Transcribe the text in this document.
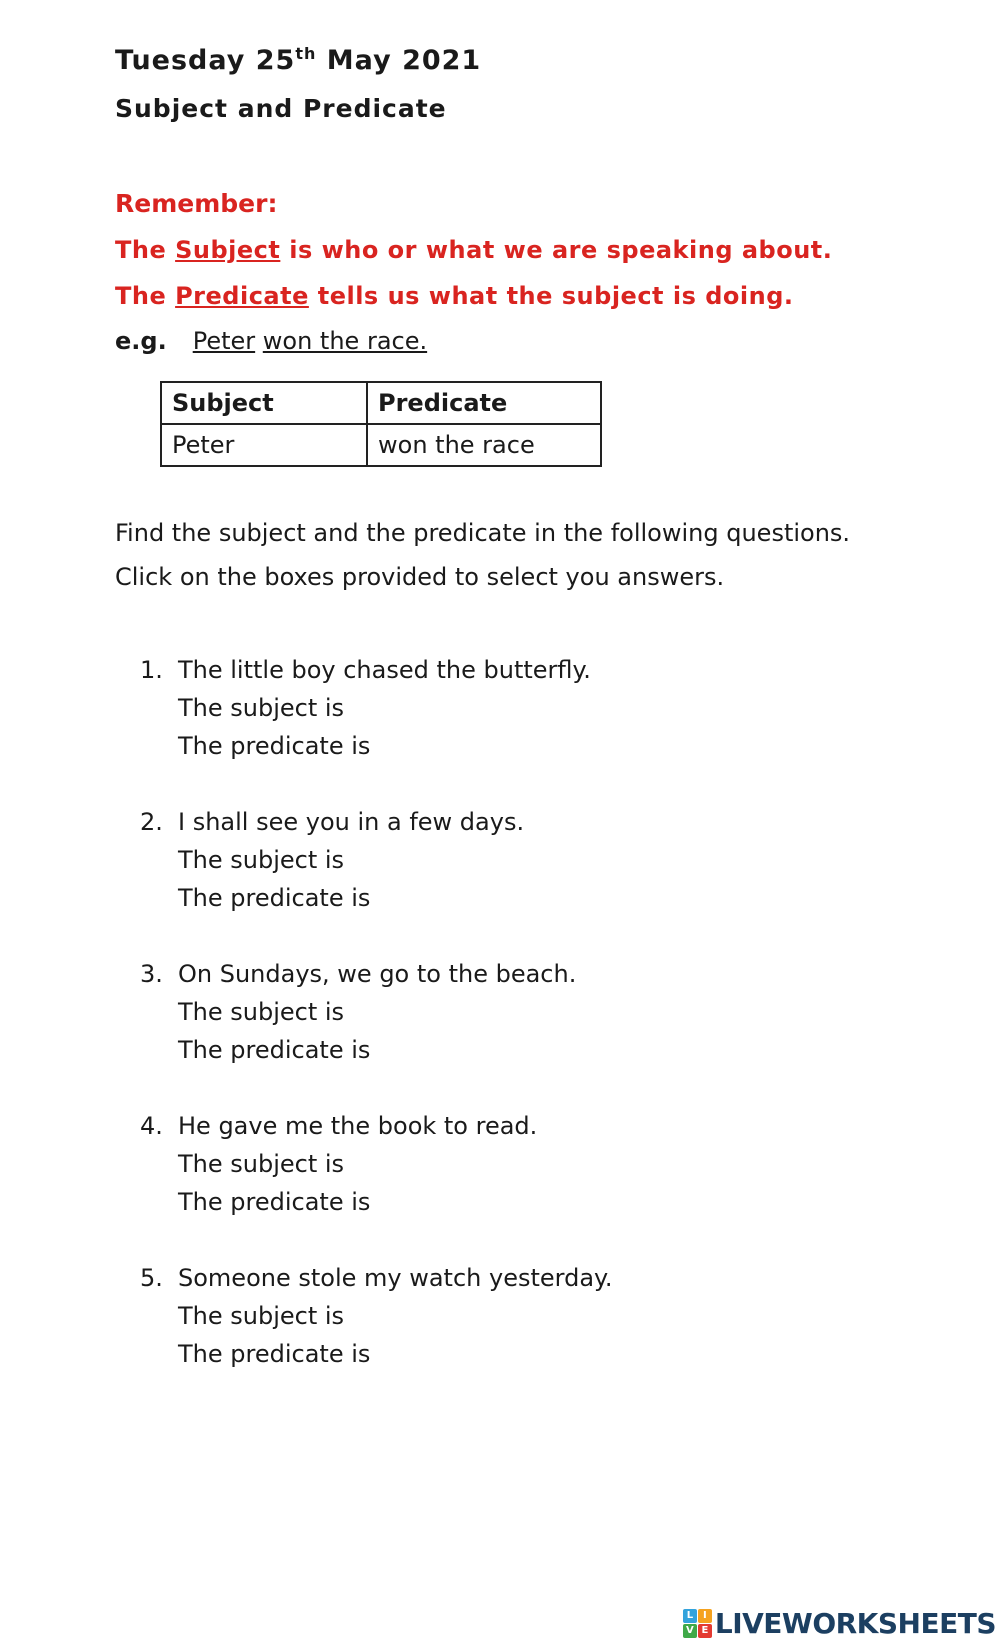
Tuesday 25th May 2021
Subject and Predicate

Remember:

The Subject is who or what we are speaking about.

The Predicate tells us what the subject is doing.

e.g. Peter won the race.

Subject	Predicate
Peter	won the race

Find the subject and the predicate in the following questions.

Click on the boxes provided to select you answers.

1. The little boy chased the butterfly.
The subject is
The predicate is
2. I shall see you in a few days.
The subject is
The predicate is
3. On Sundays, we go to the beach.
The subject is
The predicate is
4. He gave me the book to read.
The subject is
The predicate is
5. Someone stole my watch yesterday.
The subject is
The predicate is
L I
V E LIVEWORKSHEETS
